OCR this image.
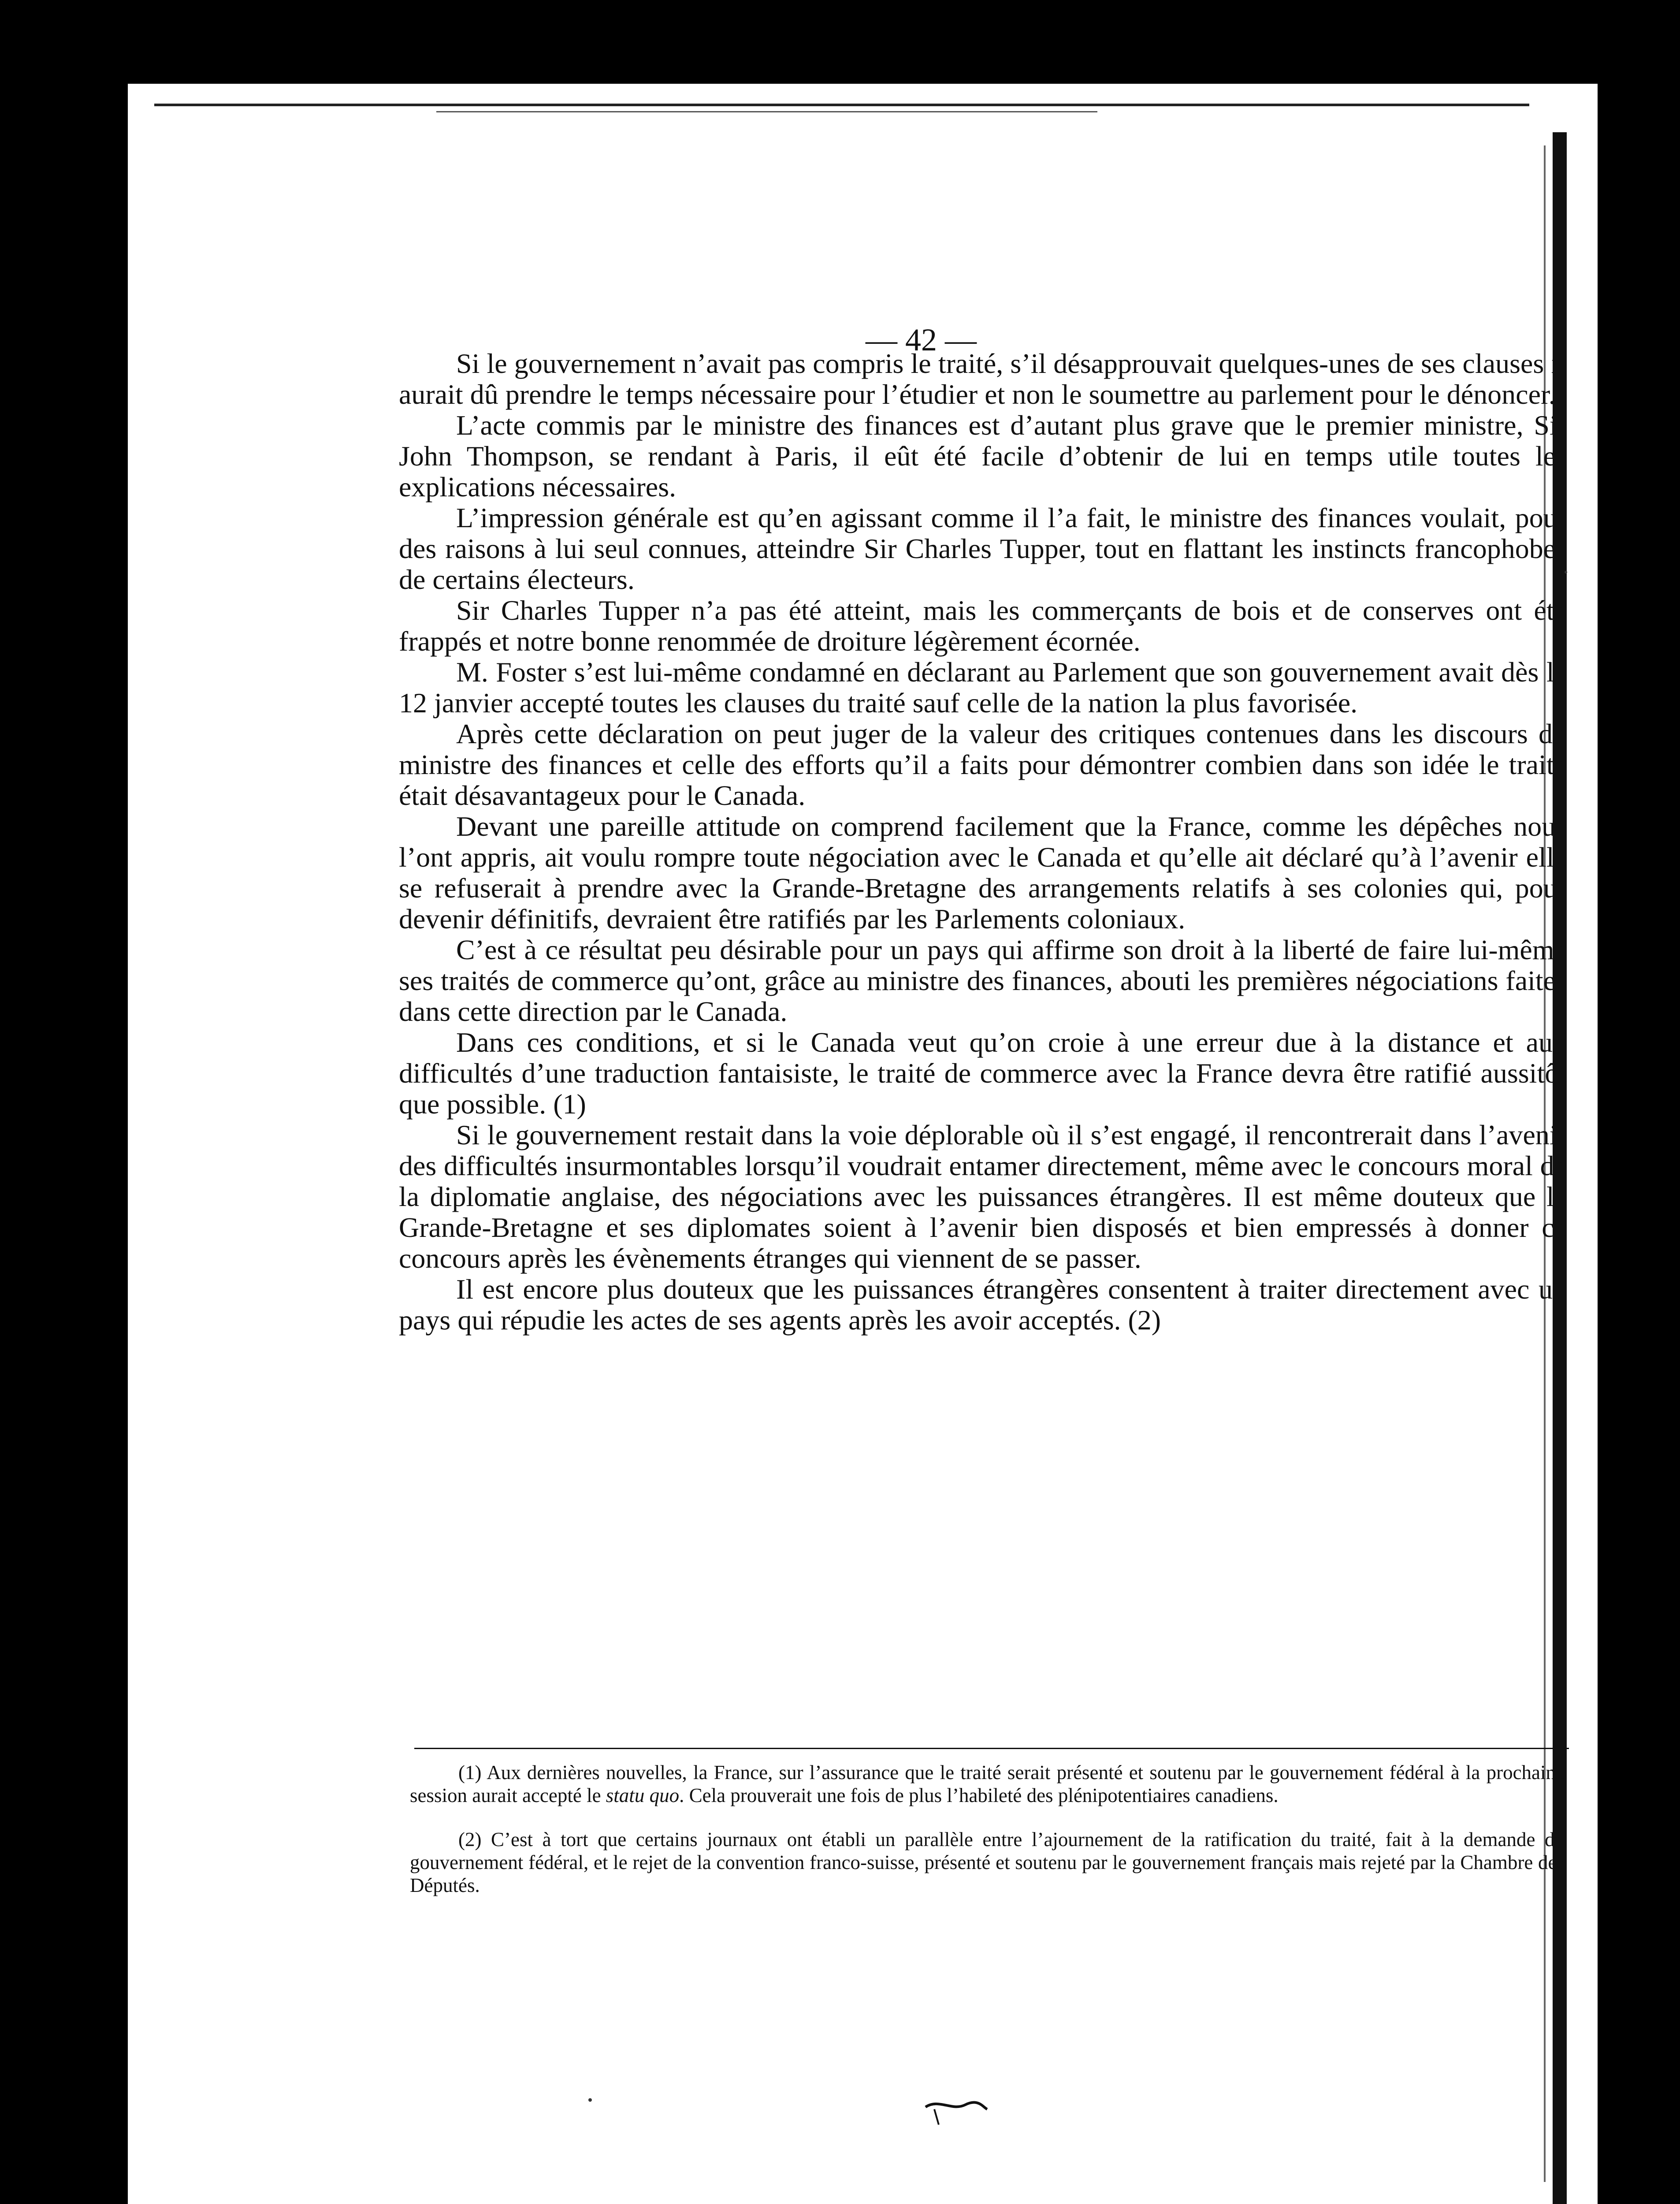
— 42 —

Si le gouvernement n’avait pas compris le traité, s’il désapprouvait quelques-unes de ses clauses il aurait dû prendre le temps nécessaire pour l’étudier et non le soumettre au parlement pour le dénoncer.

L’acte commis par le ministre des finances est d’autant plus grave que le premier ministre, Sir John Thompson, se rendant à Paris, il eût été facile d’obtenir de lui en temps utile toutes les explications nécessaires.

L’impression générale est qu’en agissant comme il l’a fait, le ministre des finances voulait, pour des raisons à lui seul connues, atteindre Sir Charles Tupper, tout en flattant les instincts francophobes de certains électeurs.

Sir Charles Tupper n’a pas été atteint, mais les commerçants de bois et de conserves ont été frappés et notre bonne renommée de droiture légèrement écornée.

M. Foster s’est lui-même condamné en déclarant au Parlement que son gouvernement avait dès le 12 janvier accepté toutes les clauses du traité sauf celle de la nation la plus favorisée.

Après cette déclaration on peut juger de la valeur des critiques contenues dans les discours du ministre des finances et celle des efforts qu’il a faits pour démontrer combien dans son idée le traité était désavantageux pour le Canada.

Devant une pareille attitude on comprend facilement que la France, comme les dépêches nous l’ont appris, ait voulu rompre toute négociation avec le Canada et qu’elle ait déclaré qu’à l’avenir elle se refuserait à prendre avec la Grande-Bretagne des arrangements relatifs à ses colonies qui, pour devenir définitifs, devraient être ratifiés par les Parlements coloniaux.

C’est à ce résultat peu désirable pour un pays qui affirme son droit à la liberté de faire lui-même ses traités de commerce qu’ont, grâce au ministre des finances, abouti les premières négociations faites dans cette direction par le Canada.

Dans ces conditions, et si le Canada veut qu’on croie à une erreur due à la distance et aux difficultés d’une traduction fantaisiste, le traité de commerce avec la France devra être ratifié aussitôt que possible. (1)

Si le gouvernement restait dans la voie déplorable où il s’est engagé, il rencontrerait dans l’avenir des difficultés insurmontables lorsqu’il voudrait entamer directement, même avec le concours moral de la diplomatie anglaise, des négociations avec les puissances étrangères. Il est même douteux que la Grande-Bretagne et ses diplomates soient à l’avenir bien disposés et bien empressés à donner ce concours après les évènements étranges qui viennent de se passer.

Il est encore plus douteux que les puissances étrangères consentent à traiter directement avec un pays qui répudie les actes de ses agents après les avoir acceptés. (2)

(1) Aux dernières nouvelles, la France, sur l’assurance que le traité serait présenté et soutenu par le gouvernement fédéral à la prochaine session aurait accepté le statu quo. Cela prouverait une fois de plus l’habileté des plénipotentiaires canadiens.

(2) C’est à tort que certains journaux ont établi un parallèle entre l’ajournement de la ratification du traité, fait à la demande du gouvernement fédéral, et le rejet de la convention franco-suisse, présenté et soutenu par le gouvernement français mais rejeté par la Chambre des Députés.
